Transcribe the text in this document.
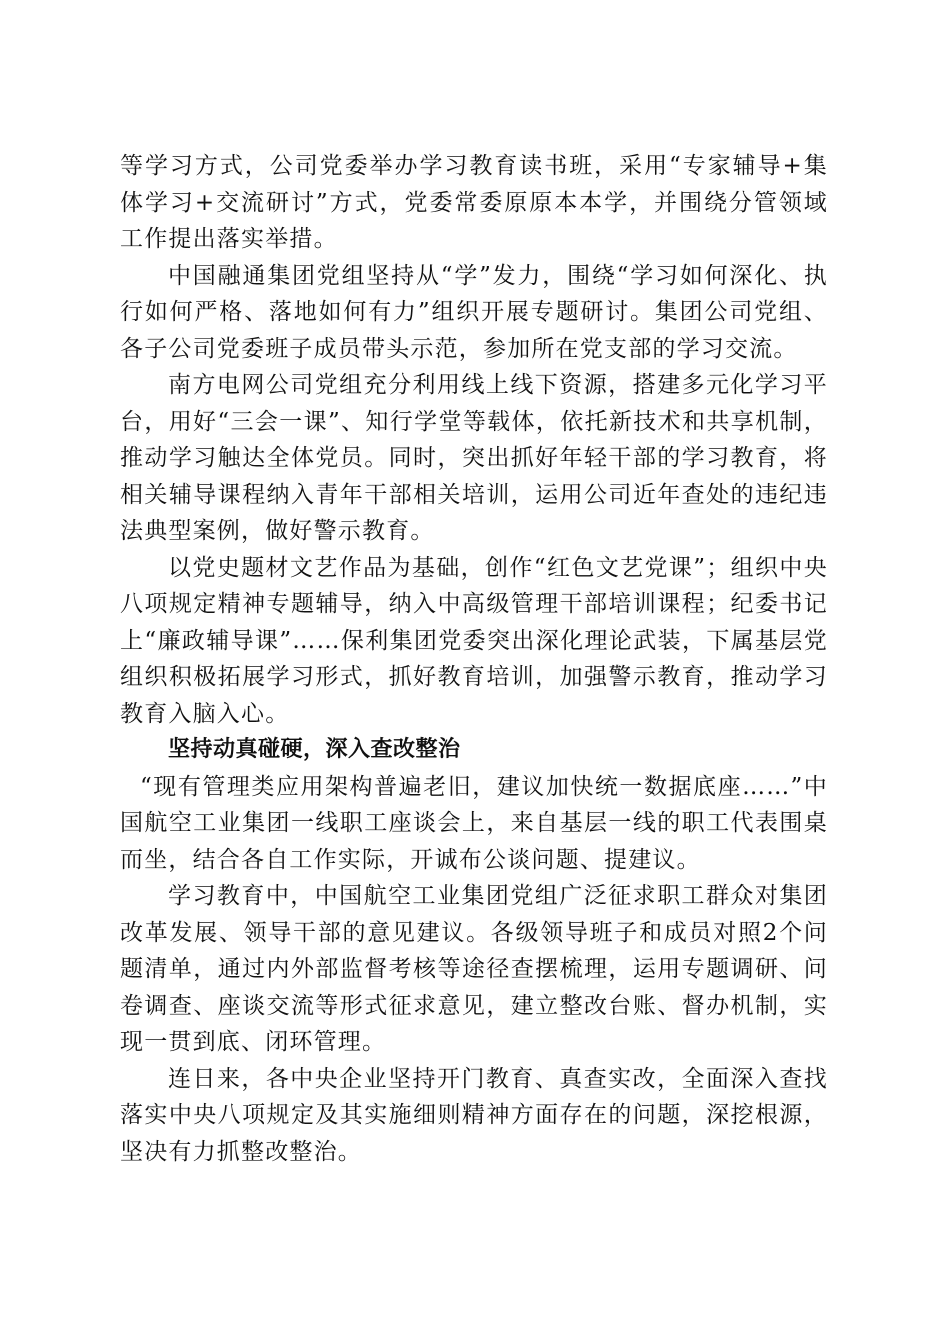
等学习方式，公司党委举办学习教育读书班，采用“专家辅导+集体学习+交流研讨”方式，党委常委原原本本学，并围绕分管领域工作提出落实举措。

中国融通集团党组坚持从“学”发力，围绕“学习如何深化、执行如何严格、落地如何有力”组织开展专题研讨。集团公司党组、各子公司党委班子成员带头示范，参加所在党支部的学习交流。

南方电网公司党组充分利用线上线下资源，搭建多元化学习平台，用好“三会一课”、知行学堂等载体，依托新技术和共享机制，推动学习触达全体党员。同时，突出抓好年轻干部的学习教育，将相关辅导课程纳入青年干部相关培训，运用公司近年查处的违纪违法典型案例，做好警示教育。

以党史题材文艺作品为基础，创作“红色文艺党课”；组织中央八项规定精神专题辅导，纳入中高级管理干部培训课程；纪委书记上“廉政辅导课”……保利集团党委突出深化理论武装，下属基层党组织积极拓展学习形式，抓好教育培训，加强警示教育，推动学习教育入脑入心。

坚持动真碰硬，深入查改整治

“现有管理类应用架构普遍老旧，建议加快统一数据底座……”中国航空工业集团一线职工座谈会上，来自基层一线的职工代表围桌而坐，结合各自工作实际，开诚布公谈问题、提建议。

学习教育中，中国航空工业集团党组广泛征求职工群众对集团改革发展、领导干部的意见建议。各级领导班子和成员对照2个问题清单，通过内外部监督考核等途径查摆梳理，运用专题调研、问卷调查、座谈交流等形式征求意见，建立整改台账、督办机制，实现一贯到底、闭环管理。

连日来，各中央企业坚持开门教育、真查实改，全面深入查找落实中央八项规定及其实施细则精神方面存在的问题，深挖根源，坚决有力抓整改整治。
